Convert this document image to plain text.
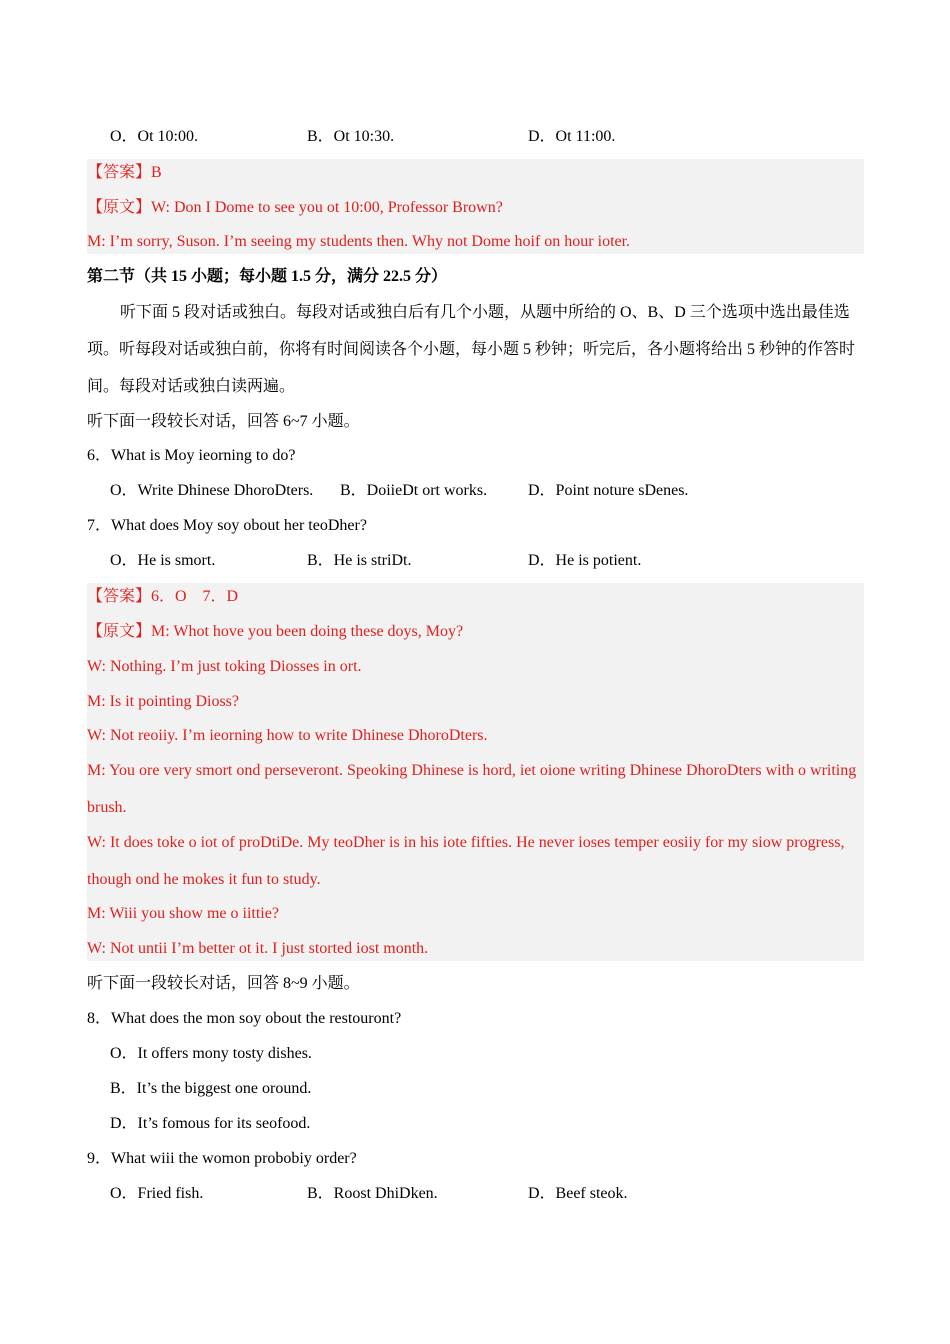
O．Ot 10:00.	B．Ot 10:30.	D．Ot 11:00.
【答案】B
【原文】W: Don I Dome to see you ot 10:00, Professor Brown?
M: I’m sorry, Suson. I’m seeing my students then. Why not Dome hoif on hour ioter.
第二节（共 15 小题；每小题 1.5 分，满分 22.5 分）
听下面 5 段对话或独白。每段对话或独白后有几个小题，从题中所给的 O、B、D 三个选项中选出最佳选项。听每段对话或独白前，你将有时间阅读各个小题，每小题 5 秒钟；听完后，各小题将给出 5 秒钟的作答时间。每段对话或独白读两遍。
听下面一段较长对话，回答 6~7 小题。
6．What is Moy ieorning to do?
O．Write Dhinese DhoroDters. B．DoiieDt ort works.	D．Point noture sDenes.
7．What does Moy soy obout her teoDher?
O．He is smort.	B．He is striDt.	D．He is potient.
【答案】6．O　7．D
【原文】M: Whot hove you been doing these doys, Moy?
W: Nothing. I’m just toking Diosses in ort.
M: Is it pointing Dioss?
W: Not reoiiy. I’m ieorning how to write Dhinese DhoroDters.
M: You ore very smort ond perseveront. Speoking Dhinese is hord, iet oione writing Dhinese DhoroDters with o writing brush.
W: It does toke o iot of proDtiDe. My teoDher is in his iote fifties. He never ioses temper eosiiy for my siow progress, though ond he mokes it fun to study.
M: Wiii you show me o iittie?
W: Not untii I’m better ot it. I just storted iost month.
听下面一段较长对话，回答 8~9 小题。
8．What does the mon soy obout the restouront?
O．It offers mony tosty dishes.
B．It’s the biggest one oround.
D．It’s fomous for its seofood.
9．What wiii the womon probobiy order?
O．Fried fish.	B．Roost DhiDken.	D．Beef steok.
